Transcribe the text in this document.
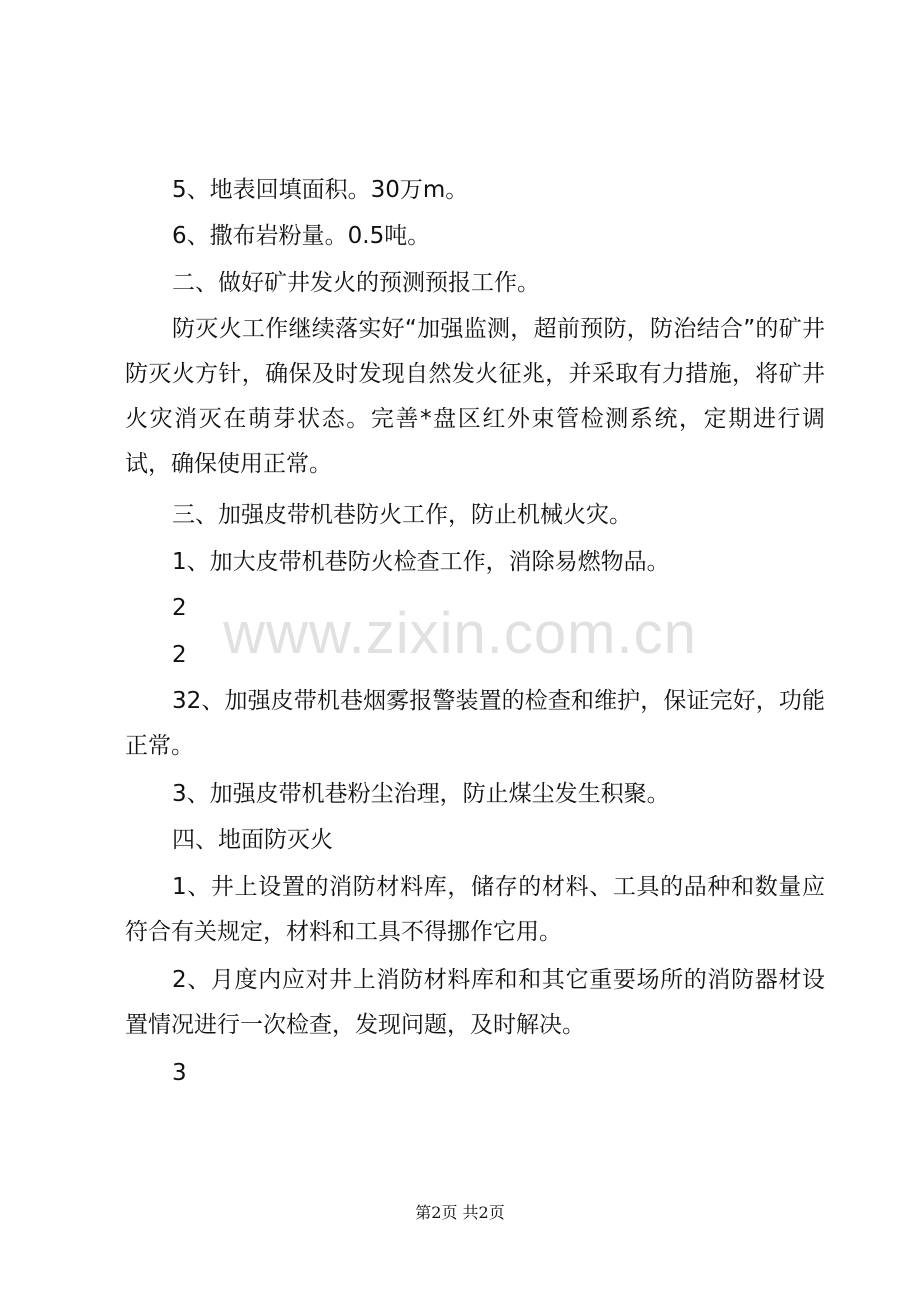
5、地表回填面积。30万m。

6、撒布岩粉量。0.5吨。

二、做好矿井发火的预测预报工作。

防灭火工作继续落实好“加强监测，超前预防，防治结合”的矿井防灭火方针，确保及时发现自然发火征兆，并采取有力措施，将矿井火灾消灭在萌芽状态。完善*盘区红外束管检测系统，定期进行调试，确保使用正常。

三、加强皮带机巷防火工作，防止机械火灾。

1、加大皮带机巷防火检查工作，消除易燃物品。

2

2

32、加强皮带机巷烟雾报警装置的检查和维护，保证完好，功能正常。

3、加强皮带机巷粉尘治理，防止煤尘发生积聚。

四、地面防灭火

1、井上设置的消防材料库，储存的材料、工具的品种和数量应符合有关规定，材料和工具不得挪作它用。

2、月度内应对井上消防材料库和和其它重要场所的消防器材设置情况进行一次检查，发现问题，及时解决。

3

www.zixin.com.cn
第2页 共2页
